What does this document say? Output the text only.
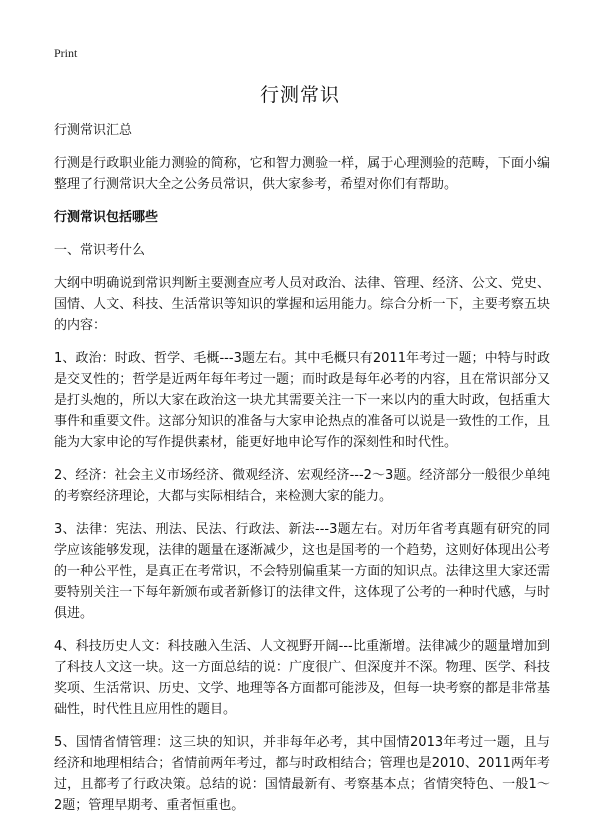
Print
行测常识

行测常识汇总

行测是行政职业能力测验的简称，它和智力测验一样，属于心理测验的范畴，下面小编整理了行测常识大全之公务员常识，供大家参考，希望对你们有帮助。

行测常识包括哪些

一、常识考什么

大纲中明确说到常识判断主要测查应考人员对政治、法律、管理、经济、公文、党史、国情、人文、科技、生活常识等知识的掌握和运用能力。综合分析一下，主要考察五块的内容：

1、政治：时政、哲学、毛概---3题左右。其中毛概只有2011年考过一题；中特与时政是交叉性的；哲学是近两年每年考过一题；而时政是每年必考的内容，且在常识部分又是打头炮的，所以大家在政治这一块尤其需要关注一下一来以内的重大时政，包括重大事件和重要文件。这部分知识的准备与大家申论热点的准备可以说是一致性的工作，且能为大家申论的写作提供素材，能更好地申论写作的深刻性和时代性。

2、经济：社会主义市场经济、微观经济、宏观经济---2～3题。经济部分一般很少单纯的考察经济理论，大都与实际相结合，来检测大家的能力。

3、法律：宪法、刑法、民法、行政法、新法---3题左右。对历年省考真题有研究的同学应该能够发现，法律的题量在逐渐减少，这也是国考的一个趋势，这则好体现出公考的一种公平性，是真正在考常识，不会特别偏重某一方面的知识点。法律这里大家还需要特别关注一下每年新颁布或者新修订的法律文件，这体现了公考的一种时代感，与时俱进。

4、科技历史人文：科技融入生活、人文视野开阔---比重渐增。法律减少的题量增加到了科技人文这一块。这一方面总结的说：广度很广、但深度并不深。物理、医学、科技奖项、生活常识、历史、文学、地理等各方面都可能涉及，但每一块考察的都是非常基础性，时代性且应用性的题目。

5、国情省情管理：这三块的知识，并非每年必考，其中国情2013年考过一题，且与经济和地理相结合；省情前两年考过，都与时政相结合；管理也是2010、2011两年考过，且都考了行政决策。总结的说：国情最新有、考察基本点；省情突特色、一般1～2题；管理早期考、重者恒重也。
